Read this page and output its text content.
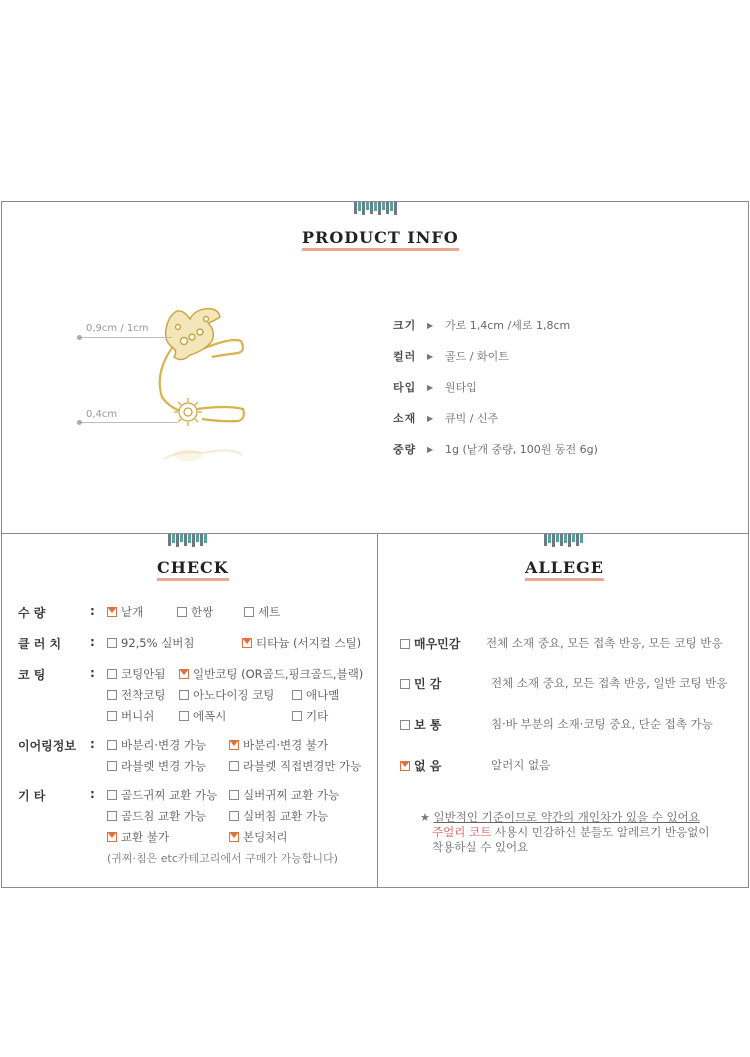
PRODUCT INFO
0,9cm / 1cm
0,4cm
크기	▶	가로 1,4cm /세로 1,8cm
컬러	▶	골드 / 화이트
타입	▶	원타입
소재	▶	큐빅 / 신주
중량	▶	1g (낱개 중량, 100원 동전 6g)
CHECK
수 량	:	낱개	한쌍	세트
클 러 치	:	92,5% 실버침	티타늄 (서지컬 스틸)
코 팅	:	코팅안됨	일반코팅 (OR골드,핑크골드,블랙)
전착코팅	아노다이징 코팅	애나멜
버니쉬	에폭시	기타
이어링정보	:	바분리·변경 가능	바분리·변경 불가
라블렛 변경 가능	라블렛 직접변경만 가능
기 타	:	골드귀찌 교환 가능	실버귀찌 교환 가능
골드침 교환 가능	실버침 교환 가능
교환 불가	본딩처리
(귀찌·침은 etc카테고리에서 구매가 가능합니다)
ALLEGE
매우민감 전체 소재 중요, 모든 접촉 반응, 모든 코팅 반응
민 감	전체 소재 중요, 모든 접촉 반응, 일반 코팅 반응
보 통	침·바 부분의 소재·코팅 중요, 단순 접촉 가능
없 음	알러지 없음
★ 일반적인 기준이므로 약간의 개인차가 있을 수 있어요
주얼리 코트 사용시 민감하신 분들도 알레르기 반응없이
착용하실 수 있어요
